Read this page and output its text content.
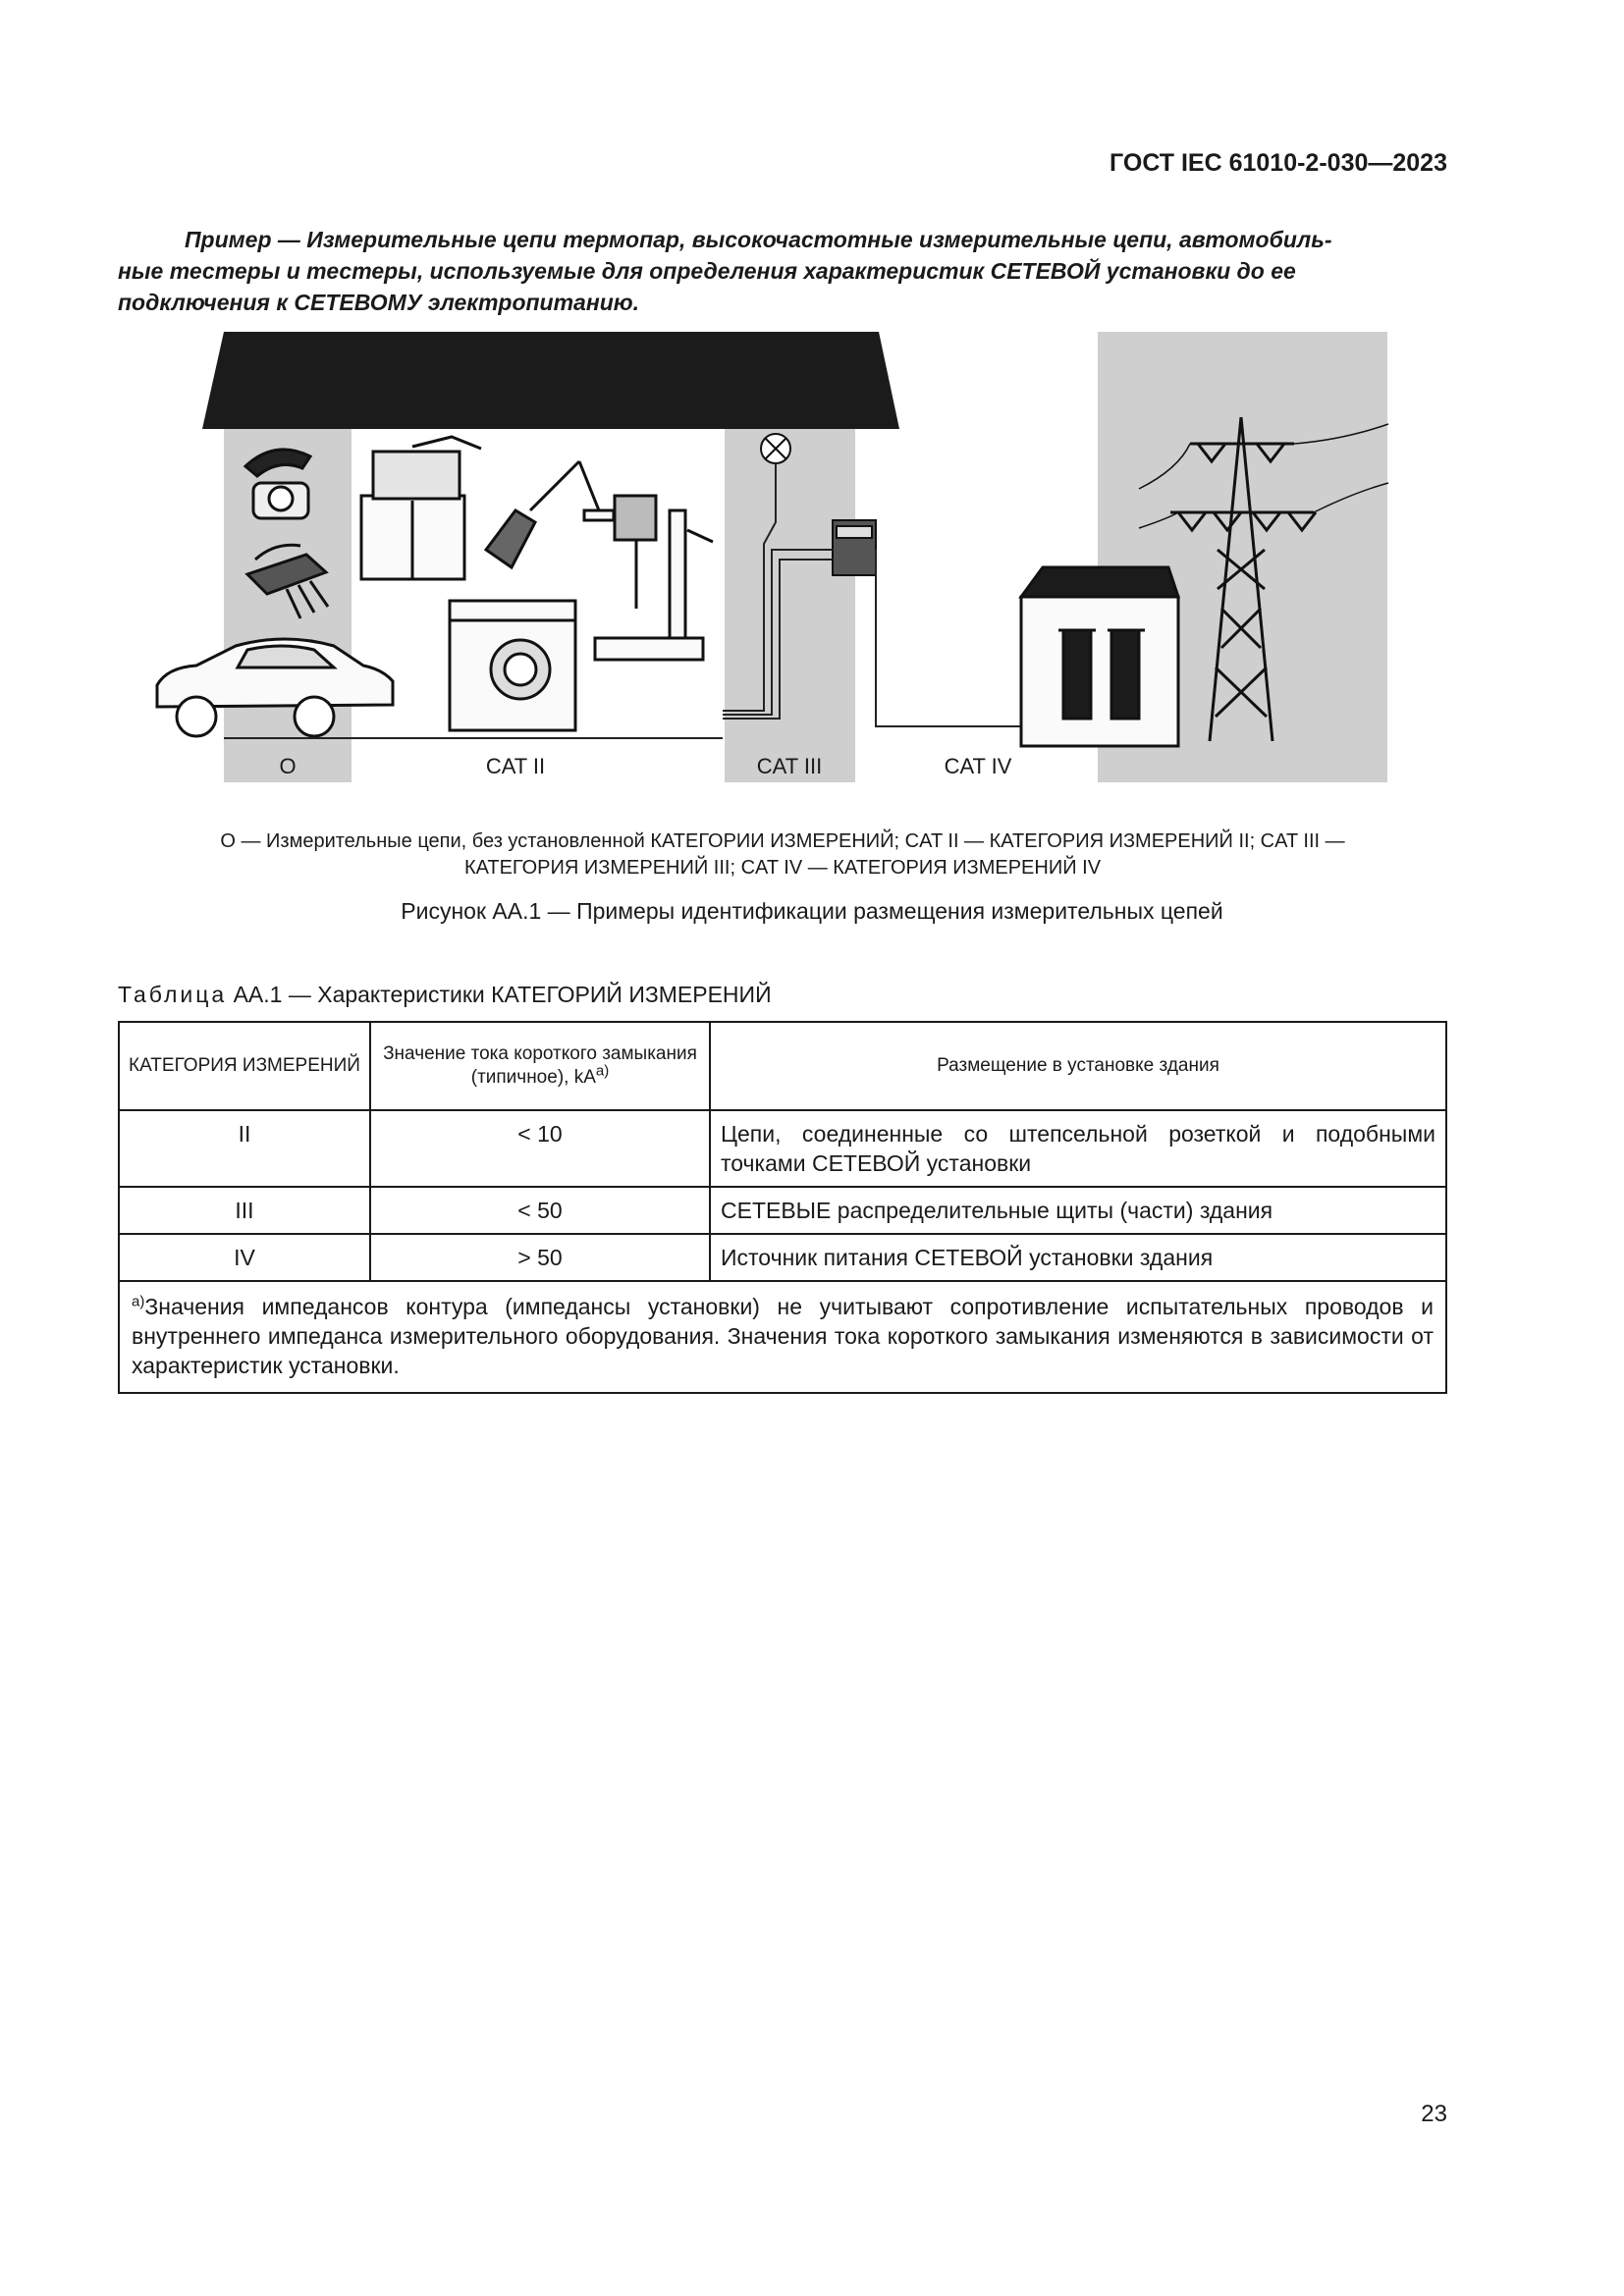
ГОСТ IEC 61010-2-030—2023
Пример — Измерительные цепи термопар, высокочастотные измерительные цепи, автомобиль-
ные тестеры и тестеры, используемые для определения характеристик СЕТЕВОЙ установки до ее
подключения к СЕТЕВОМУ электропитанию.
O	CAT II	CAT III	CAT IV
О — Измерительные цепи, без установленной КАТЕГОРИИ ИЗМЕРЕНИЙ; CAT II — КАТЕГОРИЯ ИЗМЕРЕНИЙ II; CAT III —
КАТЕГОРИЯ ИЗМЕРЕНИЙ III; CAT IV — КАТЕГОРИЯ ИЗМЕРЕНИЙ IV
Рисунок АА.1 — Примеры идентификации размещения измерительных цепей
Таблица АА.1 — Характеристики КАТЕГОРИЙ ИЗМЕРЕНИЙ
КАТЕГОРИЯ ИЗМЕРЕНИЙ	Значение тока короткого замыкания (типичное), $kA^{a)}$	Размещение в установке здания
II	< 10	Цепи, соединенные со штепсельной розеткой и подобными точками СЕТЕВОЙ установки
III	< 50	СЕТЕВЫЕ распределительные щиты (части) здания
IV	> 50	Источник питания СЕТЕВОЙ установки здания
$^{a)}$Значения импедансов контура (импедансы установки) не учитывают сопротивление испытательных проводов и внутреннего импеданса измерительного оборудования. Значения тока короткого замыкания изменяются в зависимости от характеристик установки.		
23
